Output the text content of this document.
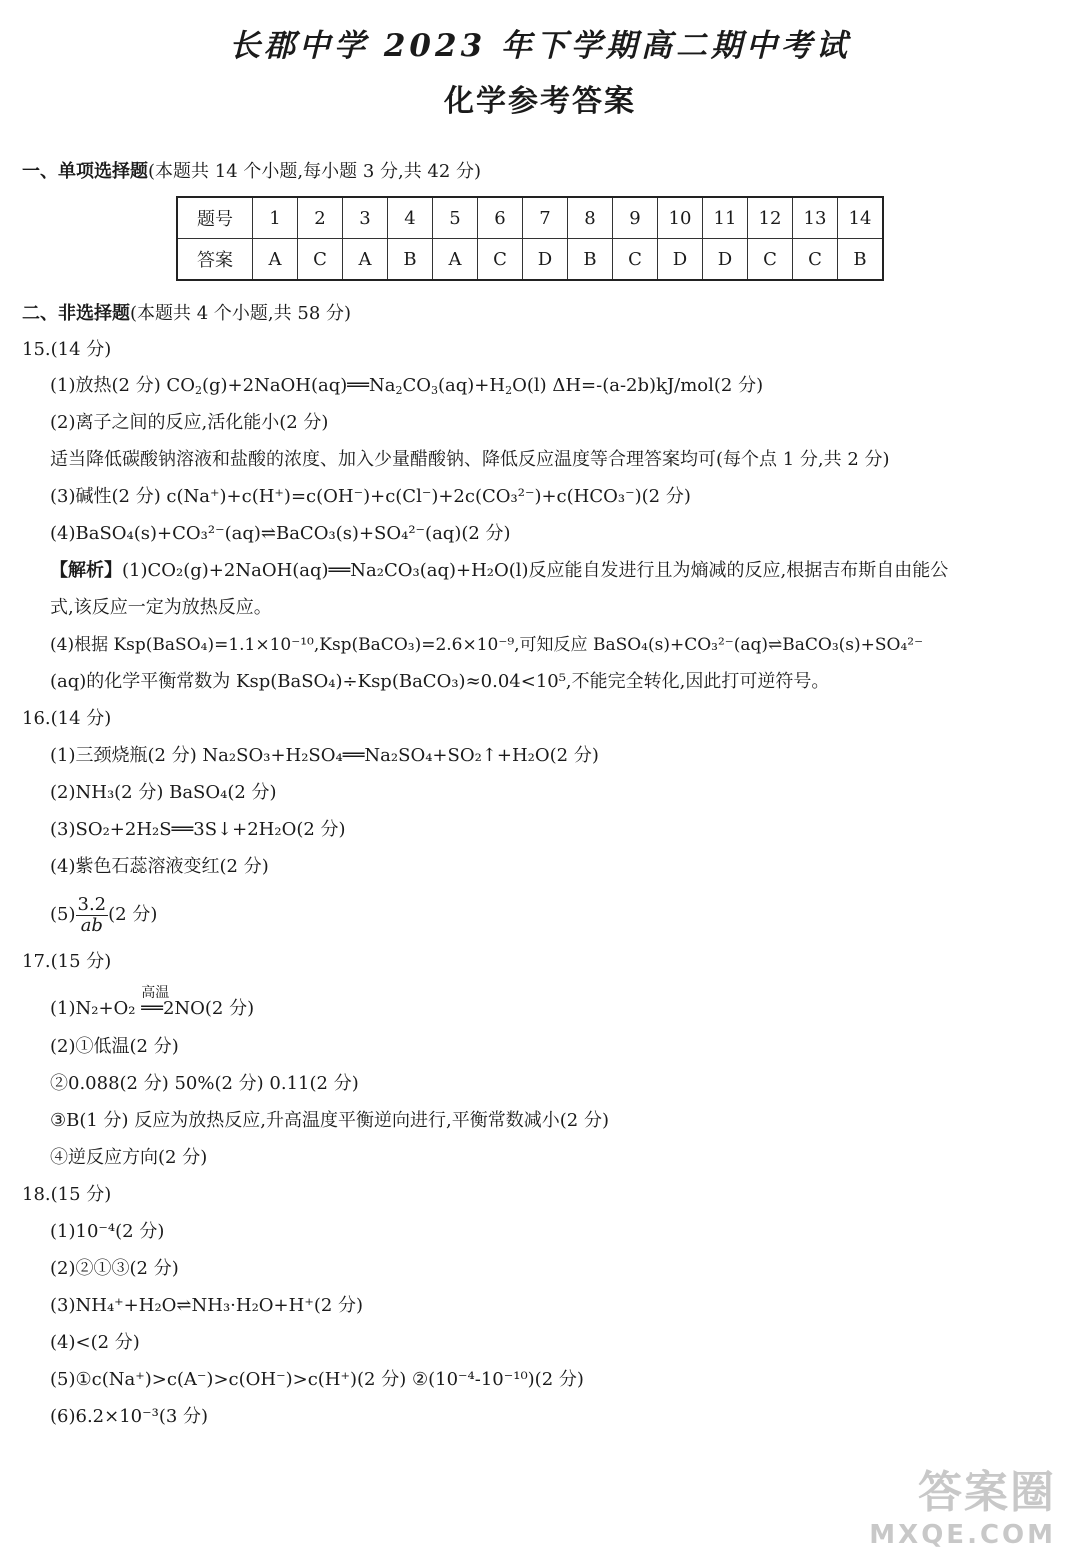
长郡中学 2023 年下学期高二期中考试
化学参考答案
一、单项选择题(本题共 14 个小题,每小题 3 分,共 42 分)
题号	1	2	3	4	5	6	7	8	9	10	11	12	13	14
答案	A	C	A	B	A	C	D	B	C	D	D	C	C	B
二、非选择题(本题共 4 个小题,共 58 分)
15.(14 分)
(1)放热(2 分) $CO_2(g)+2NaOH(aq)══Na_2CO_3(aq)+H_2O(l)$ ΔH=-(a-2b)kJ/mol(2 分)
(2)离子之间的反应,活化能小(2 分)
适当降低碳酸钠溶液和盐酸的浓度、加入少量醋酸钠、降低反应温度等合理答案均可(每个点 1 分,共 2 分)
(3)碱性(2 分) c(Na⁺)+c(H⁺)=c(OH⁻)+c(Cl⁻)+2c(CO₃²⁻)+c(HCO₃⁻)(2 分)
(4)BaSO₄(s)+CO₃²⁻(aq)⇌BaCO₃(s)+SO₄²⁻(aq)(2 分)
【解析】(1)CO₂(g)+2NaOH(aq)══Na₂CO₃(aq)+H₂O(l)反应能自发进行且为熵减的反应,根据吉布斯自由能公
式,该反应一定为放热反应。
(4)根据 Ksp(BaSO₄)=1.1×10⁻¹⁰,Ksp(BaCO₃)=2.6×10⁻⁹,可知反应 BaSO₄(s)+CO₃²⁻(aq)⇌BaCO₃(s)+SO₄²⁻
(aq)的化学平衡常数为 Ksp(BaSO₄)÷Ksp(BaCO₃)≈0.04<10⁵,不能完全转化,因此打可逆符号。
16.(14 分)
(1)三颈烧瓶(2 分) Na₂SO₃+H₂SO₄══Na₂SO₄+SO₂↑+H₂O(2 分)
(2)NH₃(2 分) BaSO₄(2 分)
(3)SO₂+2H₂S══3S↓+2H₂O(2 分)
(4)紫色石蕊溶液变红(2 分)
$(5) \frac{3.2}{ab} (2$ 分)
17.(15 分)
(1)N₂+O₂
高温
══2NO(2 分)
(2)①低温(2 分)
②0.088(2 分) 50%(2 分) 0.11(2 分)
③B(1 分) 反应为放热反应,升高温度平衡逆向进行,平衡常数减小(2 分)
④逆反应方向(2 分)
18.(15 分)
(1)10⁻⁴(2 分)
(2)②①③(2 分)
(3)NH₄⁺+H₂O⇌NH₃·H₂O+H⁺(2 分)
(4)<(2 分)
(5)①c(Na⁺)>c(A⁻)>c(OH⁻)>c(H⁺)(2 分) ②(10⁻⁴-10⁻¹⁰)(2 分)
(6)6.2×10⁻³(3 分)
答案圈
MXQE.COM
